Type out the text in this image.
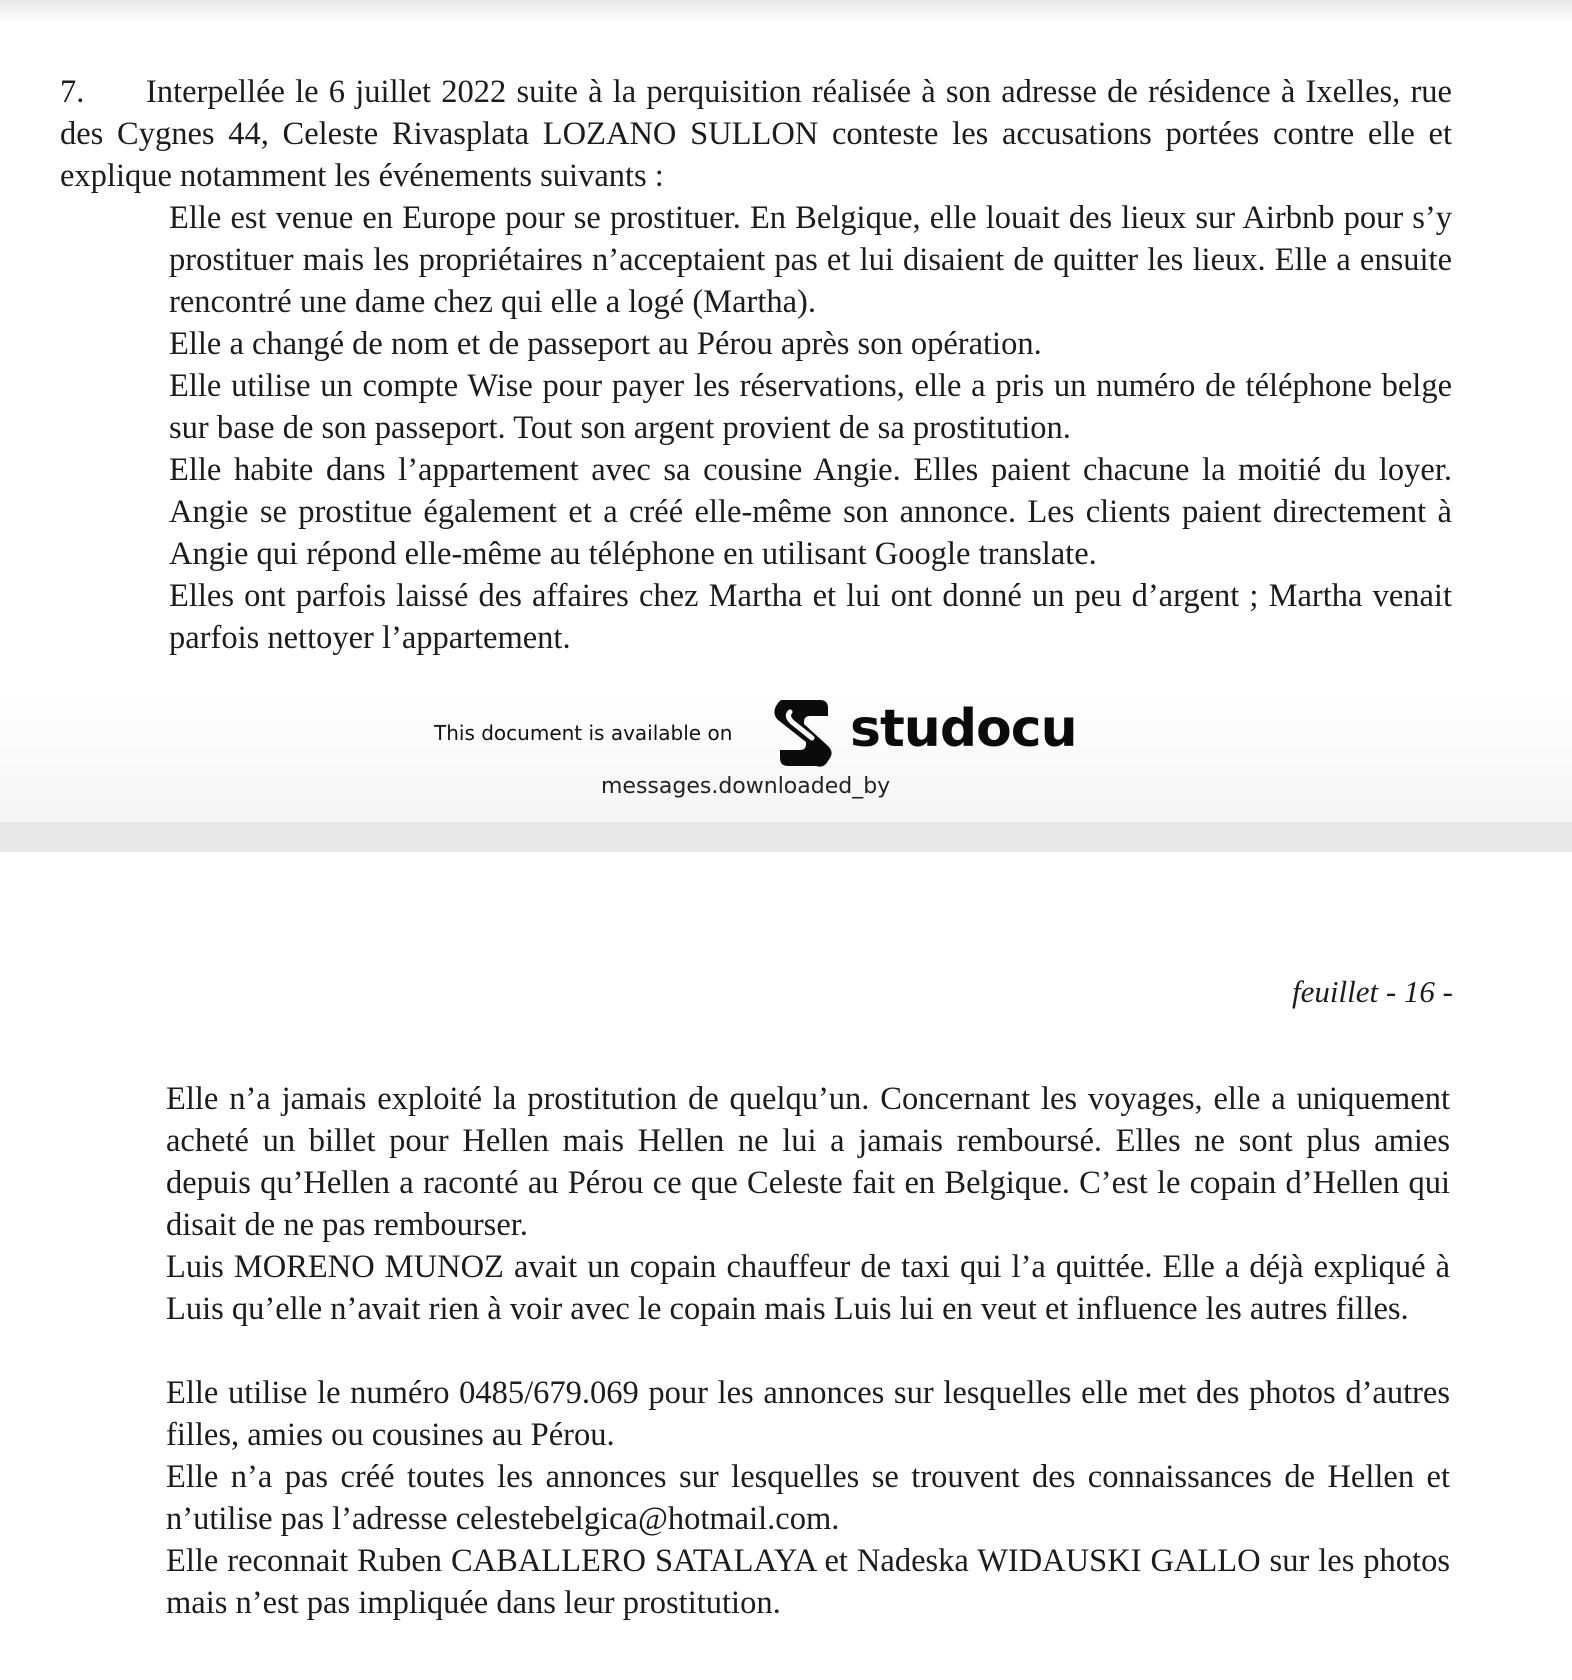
7. Interpellée le 6 juillet 2022 suite à la perquisition réalisée à son adresse de résidence à Ixelles, rue des Cygnes 44, Celeste Rivasplata LOZANO SULLON conteste les accusations portées contre elle et explique notamment les événements suivants :

Elle est venue en Europe pour se prostituer. En Belgique, elle louait des lieux sur Airbnb pour s’y prostituer mais les propriétaires n’acceptaient pas et lui disaient de quitter les lieux. Elle a ensuite rencontré une dame chez qui elle a logé (Martha).

Elle a changé de nom et de passeport au Pérou après son opération.

Elle utilise un compte Wise pour payer les réservations, elle a pris un numéro de téléphone belge sur base de son passeport. Tout son argent provient de sa prostitution.

Elle habite dans l’appartement avec sa cousine Angie. Elles paient chacune la moitié du loyer. Angie se prostitue également et a créé elle-même son annonce. Les clients paient directement à Angie qui répond elle-même au téléphone en utilisant Google translate.

Elles ont parfois laissé des affaires chez Martha et lui ont donné un peu d’argent ; Martha venait parfois nettoyer l’appartement.

This document is available on studocu
messages.downloaded_by
feuillet - 16 -

Elle n’a jamais exploité la prostitution de quelqu’un. Concernant les voyages, elle a uniquement acheté un billet pour Hellen mais Hellen ne lui a jamais remboursé. Elles ne sont plus amies depuis qu’Hellen a raconté au Pérou ce que Celeste fait en Belgique. C’est le copain d’Hellen qui disait de ne pas rembourser.

Luis MORENO MUNOZ avait un copain chauffeur de taxi qui l’a quittée. Elle a déjà expliqué à Luis qu’elle n’avait rien à voir avec le copain mais Luis lui en veut et influence les autres filles.

Elle utilise le numéro 0485/679.069 pour les annonces sur lesquelles elle met des photos d’autres filles, amies ou cousines au Pérou.

Elle n’a pas créé toutes les annonces sur lesquelles se trouvent des connaissances de Hellen et n’utilise pas l’adresse celestebelgica@hotmail.com.

Elle reconnait Ruben CABALLERO SATALAYA et Nadeska WIDAUSKI GALLO sur les photos mais n’est pas impliquée dans leur prostitution.
